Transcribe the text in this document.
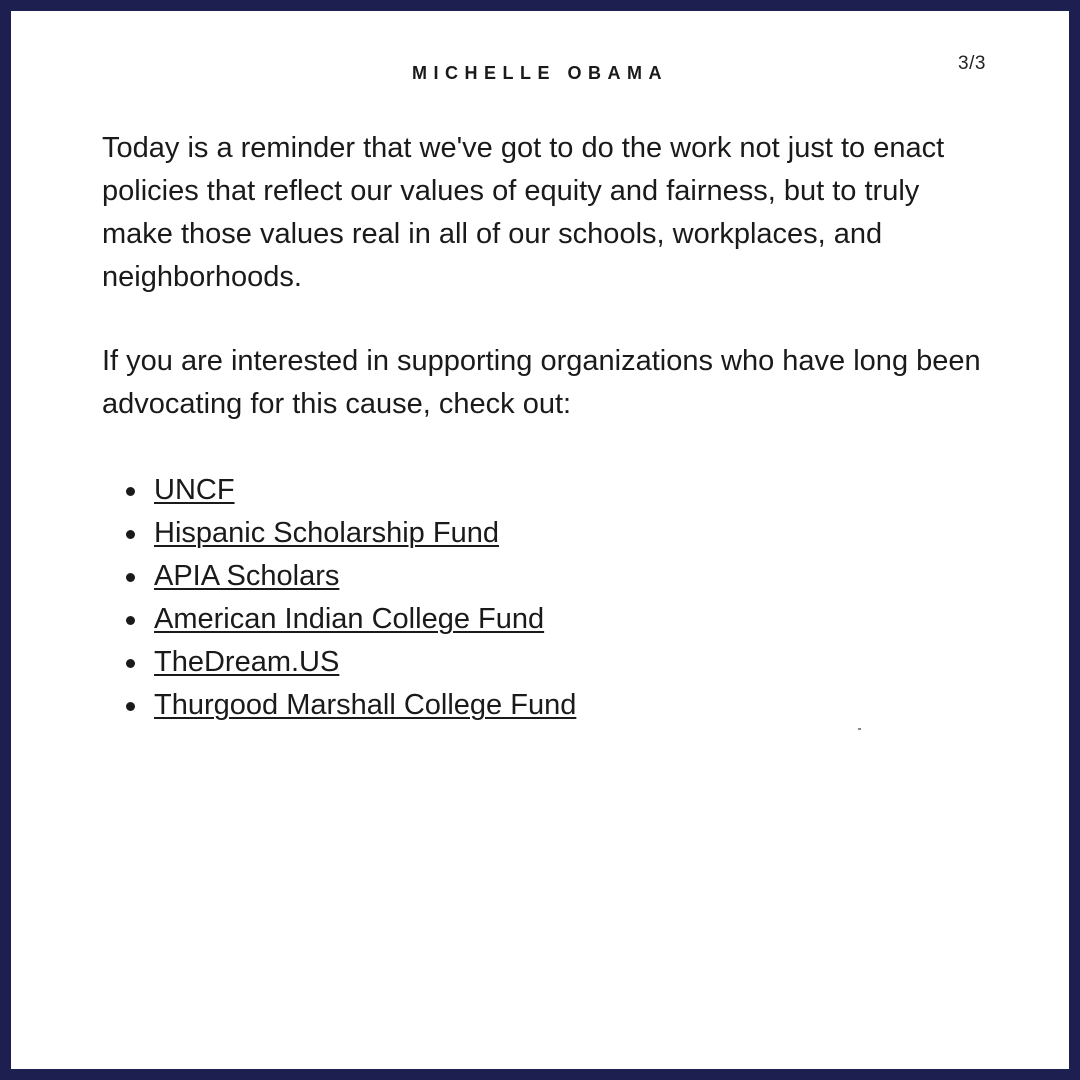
MICHELLE OBAMA	3/3

Today is a reminder that we've got to do the work not just to enact policies that reflect our values of equity and fairness, but to truly make those values real in all of our schools, workplaces, and neighborhoods.

If you are interested in supporting organizations who have long been advocating for this cause, check out:

UNCF
Hispanic Scholarship Fund
APIA Scholars
American Indian College Fund
TheDream.US
Thurgood Marshall College Fund
